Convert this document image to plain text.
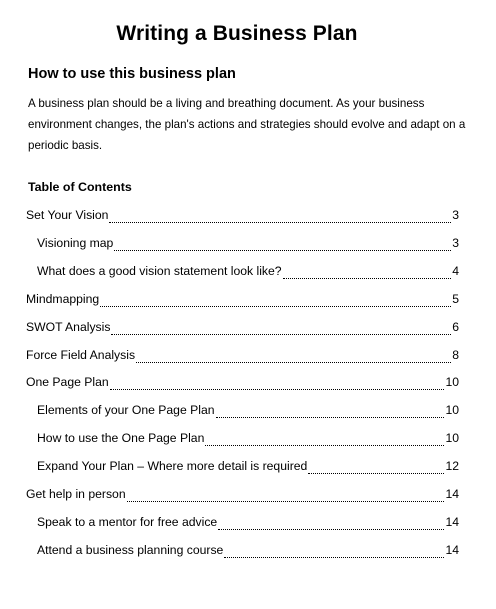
Writing a Business Plan
How to use this business plan
A business plan should be a living and breathing document. As your business
environment changes, the plan's actions and strategies should evolve and adapt on a
periodic basis.
Table of Contents
Set Your Vision	3
Visioning map	3
What does a good vision statement look like?	4
Mindmapping	5
SWOT Analysis	6
Force Field Analysis	8
One Page Plan	10
Elements of your One Page Plan	10
How to use the One Page Plan	10
Expand Your Plan – Where more detail is required	12
Get help in person	14
Speak to a mentor for free advice	14
Attend a business planning course	14
